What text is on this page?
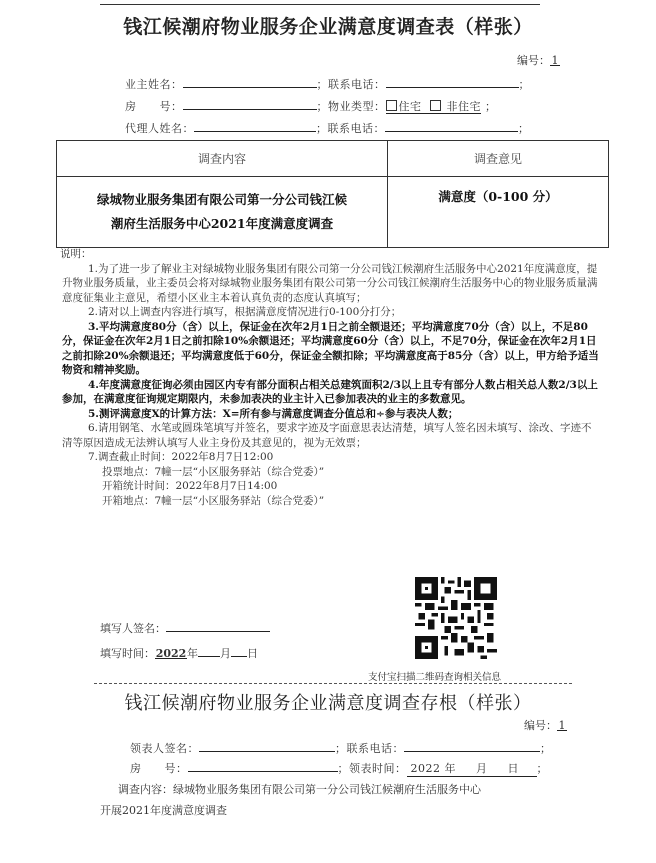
钱江候潮府物业服务企业满意度调查表（样张）
编号： 1
业主姓名：	；联系电话：	；
房　　号：	；物业类型： 住宅 非住宅 ；
代理人姓名：	；联系电话：	；
调查内容	调查意见

绿城物业服务集团有限公司第一分公司钱江候
潮府生活服务中心2021年度满意度调查	满意度（0-100 分）

说明：

1.为了进一步了解业主对绿城物业服务集团有限公司第一分公司钱江候潮府生活服务中心2021年度满意度，提升物业服务质量，业主委员会将对绿城物业服务集团有限公司第一分公司钱江候潮府生活服务中心的物业服务质量满意度征集业主意见，希望小区业主本着认真负责的态度认真填写；

2.请对以上调查内容进行填写，根据满意度情况进行0-100分打分；

3.平均满意度80分（含）以上，保证金在次年2月1日之前全额退还；平均满意度70分（含）以上，不足80分，保证金在次年2月1日之前扣除10%余额退还；平均满意度60分（含）以上，不足70分，保证金在次年2月1日之前扣除20%余额退还；平均满意度低于60分，保证金全额扣除；平均满意度高于85分（含）以上，甲方给予适当物资和精神奖励。

4.年度满意度征询必须由园区内专有部分面积占相关总建筑面积2/3以上且专有部分人数占相关总人数2/3以上参加，在满意度征询规定期限内，未参加表决的业主计入已参加表决的业主的多数意见。

5.测评满意度X的计算方法：X=所有参与满意度调查分值总和÷参与表决人数；

6.请用钢笔、水笔或圆珠笔填写并签名，要求字迹及字面意思表达清楚，填写人签名因未填写、涂改、字迹不清等原因造成无法辨认填写人业主身份及其意见的，视为无效票；

7.调查截止时间：2022年8月7日12:00

投票地点：7幢一层“小区服务驿站（综合党委）”

开箱统计时间：2022年8月7日14:00

开箱地点：7幢一层“小区服务驿站（综合党委）”

填写人签名：
填写时间：2022年 月 日
支付宝扫描二维码查询相关信息
钱江候潮府物业服务企业满意度调查存根（样张）
编号： 1
领表人签名：	；联系电话：	；
房　　号：	；领表时间： 2022 年 月 日 ；
调查内容：绿城物业服务集团有限公司第一分公司钱江候潮府生活服务中心
开展2021年度满意度调查
